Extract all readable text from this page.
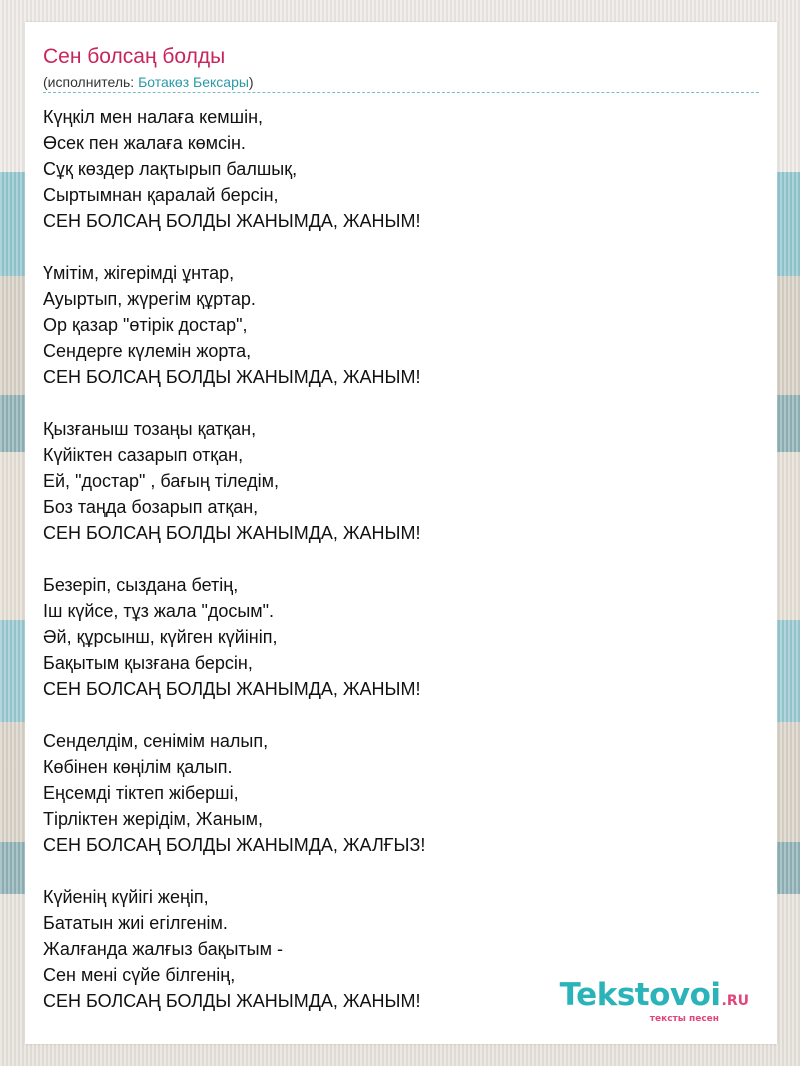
Сен болсаң болды
(исполнитель: Ботакөз Бексары)
Күңкіл мен налаға кемшін,
Өсек пен жалаға көмсін.
Сұқ көздер лақтырып балшық,
Сыртымнан қаралай берсін,
СЕН БОЛСАҢ БОЛДЫ ЖАНЫМДА, ЖАНЫМ!
Үмітім, жігерімді ұнтар,
Ауыртып, жүрегім құртар.
Ор қазар "өтірік достар",
Сендерге күлемін жорта,
СЕН БОЛСАҢ БОЛДЫ ЖАНЫМДА, ЖАНЫМ!
Қызғаныш тозаңы қатқан,
Күйіктен сазарып отқан,
Ей, "достар" , бағың тіледім,
Боз таңда бозарып атқан,
СЕН БОЛСАҢ БОЛДЫ ЖАНЫМДА, ЖАНЫМ!
Безеріп, сыздана бетің,
Іш күйсе, тұз жала "досым".
Әй, құрсынш, күйген күйініп,
Бақытым қызғана берсін,
СЕН БОЛСАҢ БОЛДЫ ЖАНЫМДА, ЖАНЫМ!
Сенделдім, сенімім налып,
Көбінен көңілім қалып.
Еңсемді тіктеп жіберші,
Тірліктен жерідім, Жаным,
СЕН БОЛСАҢ БОЛДЫ ЖАНЫМДА, ЖАЛҒЫЗ!
Күйенің күйігі жеңіп,
Бататын жиі егілгенім.
Жалғанда жалғыз бақытым -
Сен мені сүйе білгенің,
СЕН БОЛСАҢ БОЛДЫ ЖАНЫМДА, ЖАНЫМ!	Tekstovoi.RU
тексты песен
